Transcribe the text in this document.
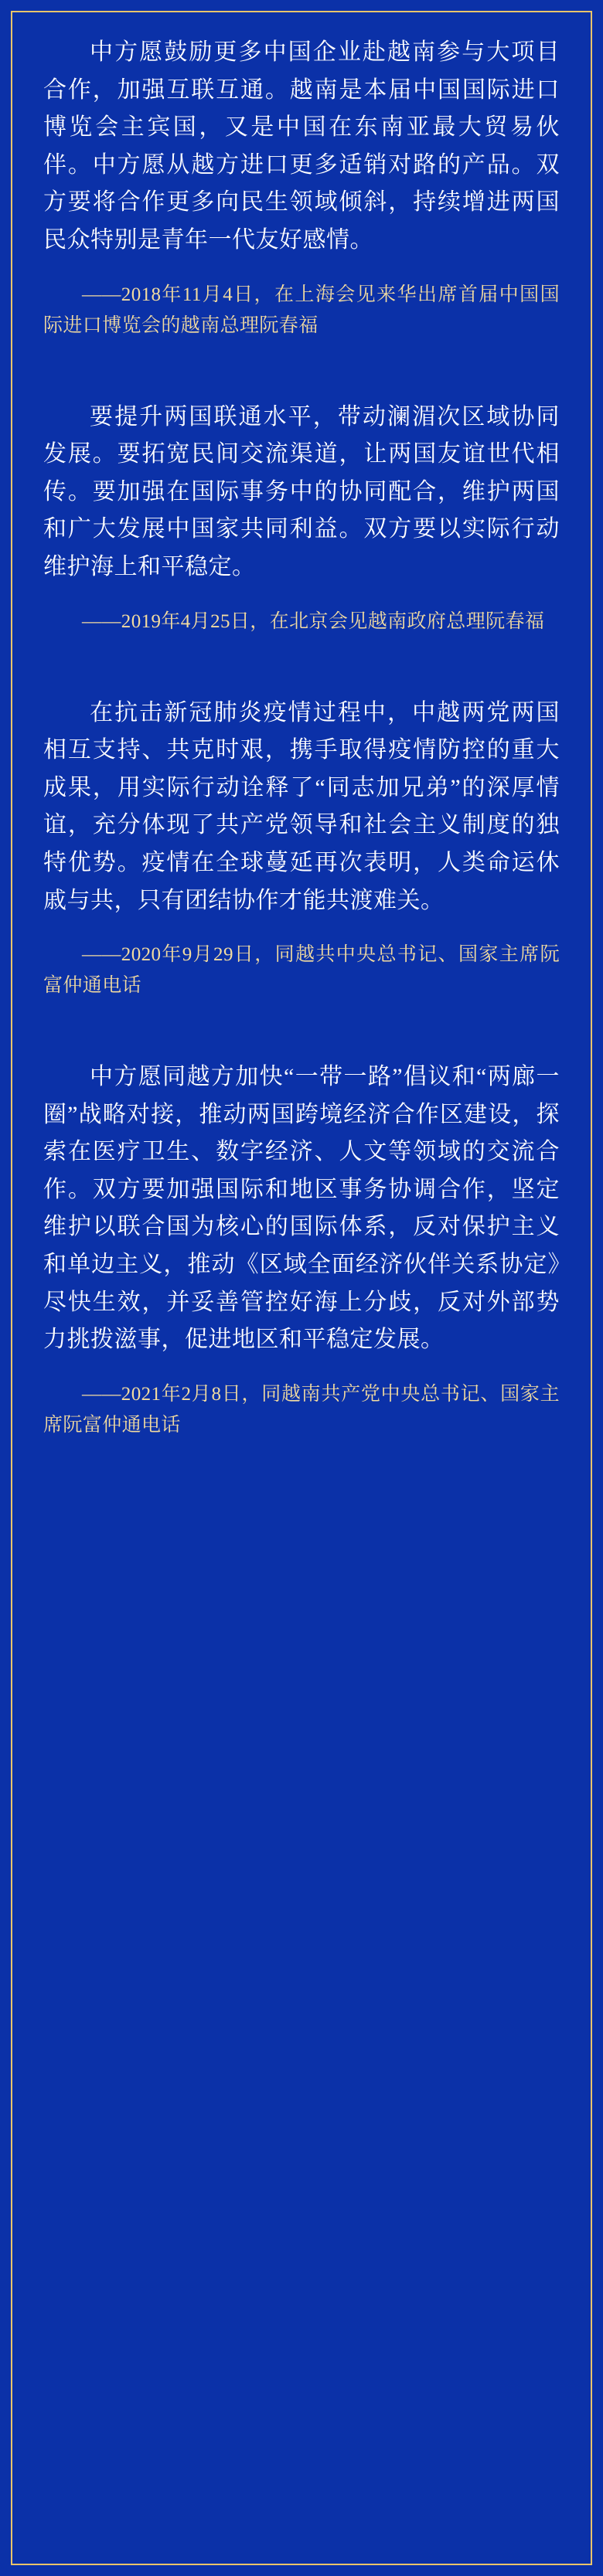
中方愿鼓励更多中国企业赴越南参与大项目合作，加强互联互通。越南是本届中国国际进口博览会主宾国，又是中国在东南亚最大贸易伙伴。中方愿从越方进口更多适销对路的产品。双方要将合作更多向民生领域倾斜，持续增进两国民众特别是青年一代友好感情。

——2018年11月4日，在上海会见来华出席首届中国国际进口博览会的越南总理阮春福

要提升两国联通水平，带动澜湄次区域协同发展。要拓宽民间交流渠道，让两国友谊世代相传。要加强在国际事务中的协同配合，维护两国和广大发展中国家共同利益。双方要以实际行动维护海上和平稳定。

——2019年4月25日，在北京会见越南政府总理阮春福

在抗击新冠肺炎疫情过程中，中越两党两国相互支持、共克时艰，携手取得疫情防控的重大成果，用实际行动诠释了“同志加兄弟”的深厚情谊，充分体现了共产党领导和社会主义制度的独特优势。疫情在全球蔓延再次表明，人类命运休戚与共，只有团结协作才能共渡难关。

——2020年9月29日，同越共中央总书记、国家主席阮富仲通电话

中方愿同越方加快“一带一路”倡议和“两廊一圈”战略对接，推动两国跨境经济合作区建设，探索在医疗卫生、数字经济、人文等领域的交流合作。双方要加强国际和地区事务协调合作，坚定维护以联合国为核心的国际体系，反对保护主义和单边主义，推动《区域全面经济伙伴关系协定》尽快生效，并妥善管控好海上分歧，反对外部势力挑拨滋事，促进地区和平稳定发展。

——2021年2月8日，同越南共产党中央总书记、国家主席阮富仲通电话
